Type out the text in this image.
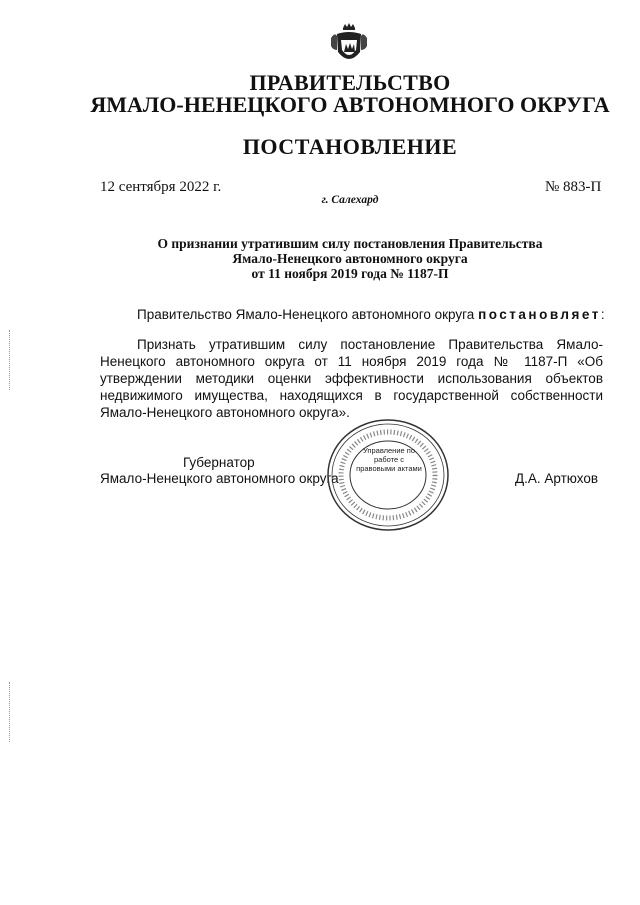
ПРАВИТЕЛЬСТВО
ЯМАЛО-НЕНЕЦКОГО АВТОНОМНОГО ОКРУГА
ПОСТАНОВЛЕНИЕ
12 сентября 2022 г.	№ 883-П
г. Салехард
О признании утратившим силу постановления Правительства
Ямало-Ненецкого автономного округа
от 11 ноября 2019 года № 1187-П
Правительство Ямало-Ненецкого автономного округа постановляет:

Признать утратившим силу постановление Правительства Ямало-Ненецкого автономного округа от 11 ноября 2019 года № 1187-П «Об утверждении методики оценки эффективности использования объектов недвижимого имущества, находящихся в государственной собственности Ямало-Ненецкого автономного округа».

Губернатор
Ямало-Ненецкого автономного округа	Д.А. Артюхов
Управление по работе с правовыми актами
